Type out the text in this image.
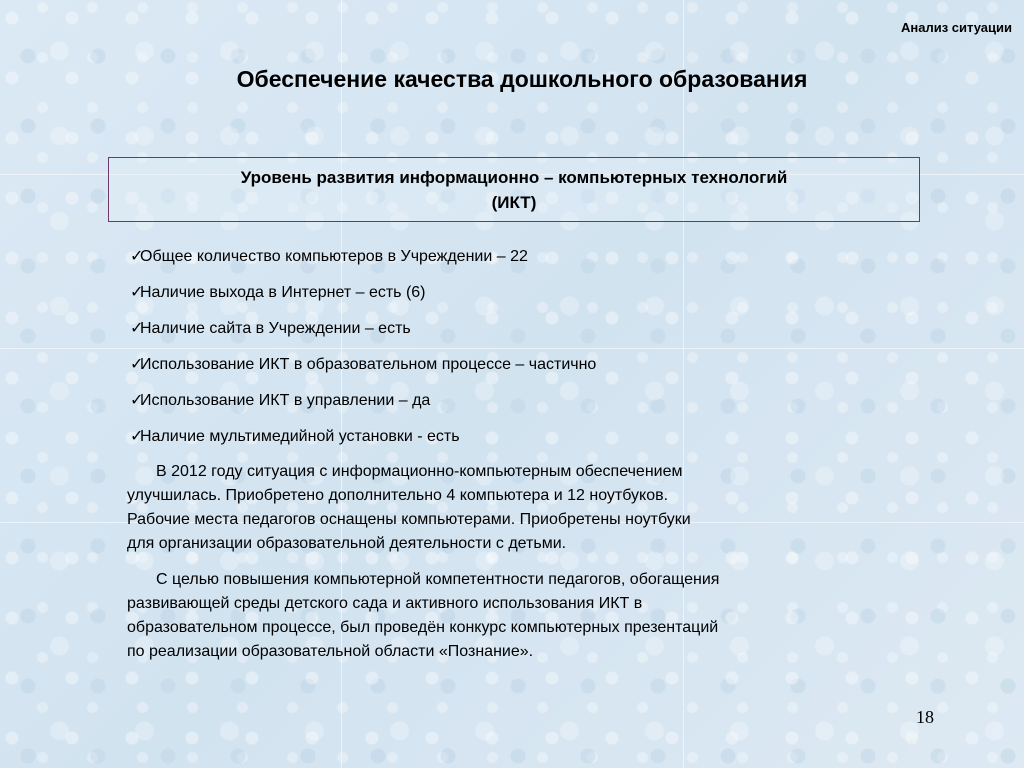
Анализ ситуации
Обеспечение качества дошкольного образования
Уровень развития информационно – компьютерных технологий
(ИКТ)
✓Общее количество компьютеров в Учреждении – 22
✓Наличие выхода в Интернет – есть (6)
✓Наличие сайта в Учреждении – есть
✓Использование ИКТ в образовательном процессе – частично
✓Использование ИКТ в управлении – да
✓Наличие мультимедийной установки - есть
В 2012 году ситуация с информационно-компьютерным обеспечением
улучшилась. Приобретено дополнительно 4 компьютера и 12 ноутбуков.
Рабочие места педагогов оснащены компьютерами. Приобретены ноутбуки
для организации образовательной деятельности с детьми.
С целью повышения компьютерной компетентности педагогов, обогащения
развивающей среды детского сада и активного использования ИКТ в
образовательном процессе, был проведён конкурс компьютерных презентаций
по реализации образовательной области «Познание».
18
